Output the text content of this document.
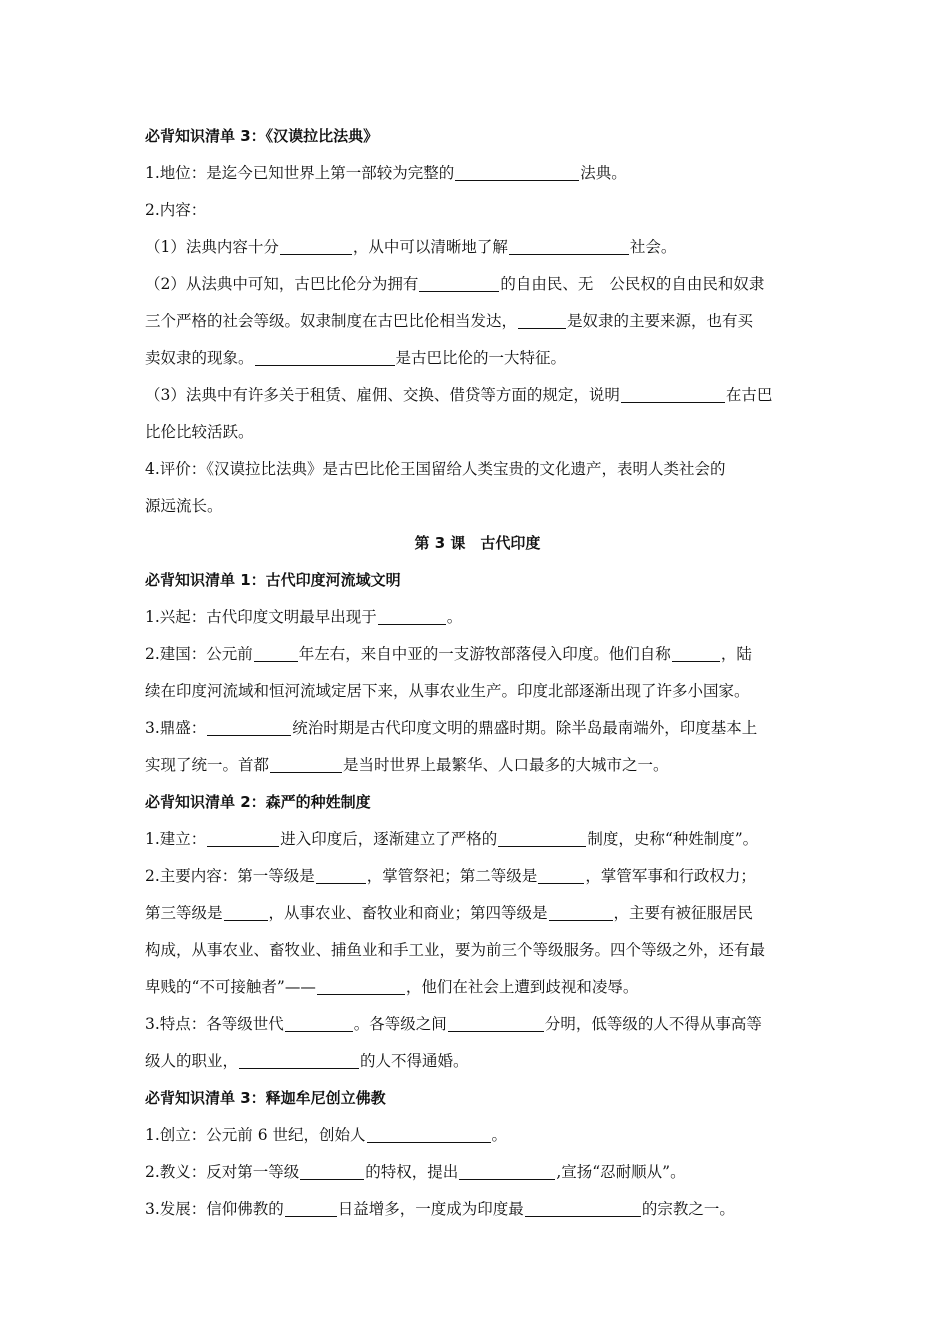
必背知识清单 3：《汉谟拉比法典》
1.地位：是迄今已知世界上第一部较为完整的	法典。
2.内容：
（1）法典内容十分	，从中可以清晰地了解	社会。
（2）从法典中可知，古巴比伦分为拥有	的自由民、无 公民权的自由民和奴隶
三个严格的社会等级。奴隶制度在古巴比伦相当发达，	是奴隶的主要来源，也有买
卖奴隶的现象。	是古巴比伦的一大特征。
（3）法典中有许多关于租赁、雇佣、交换、借贷等方面的规定，说明	在古巴
比伦比较活跃。
4.评价：《汉谟拉比法典》是古巴比伦王国留给人类宝贵的文化遗产，表明人类社会的
源远流长。
第 3 课　古代印度
必背知识清单 1：古代印度河流域文明
1.兴起：古代印度文明最早出现于	。
2.建国：公元前	年左右，来自中亚的一支游牧部落侵入印度。他们自称	，陆
续在印度河流域和恒河流域定居下来，从事农业生产。印度北部逐渐出现了许多小国家。
3.鼎盛：	统治时期是古代印度文明的鼎盛时期。除半岛最南端外，印度基本上
实现了统一。首都	是当时世界上最繁华、人口最多的大城市之一。
必背知识清单 2：森严的种姓制度
1.建立：	进入印度后，逐渐建立了严格的	制度，史称“种姓制度”。
2.主要内容：第一等级是	，掌管祭祀；第二等级是	，掌管军事和行政权力；
第三等级是	，从事农业、畜牧业和商业；第四等级是	，主要有被征服居民
构成，从事农业、畜牧业、捕鱼业和手工业，要为前三个等级服务。四个等级之外，还有最
卑贱的“不可接触者”——	，他们在社会上遭到歧视和凌辱。
3.特点：各等级世代	。各等级之间	分明，低等级的人不得从事高等
级人的职业，	的人不得通婚。
必背知识清单 3：释迦牟尼创立佛教
1.创立：公元前 6 世纪，创始人	。
2.教义：反对第一等级	的特权，提出	,宣扬“忍耐顺从”。
3.发展：信仰佛教的	日益增多，一度成为印度最	的宗教之一。
